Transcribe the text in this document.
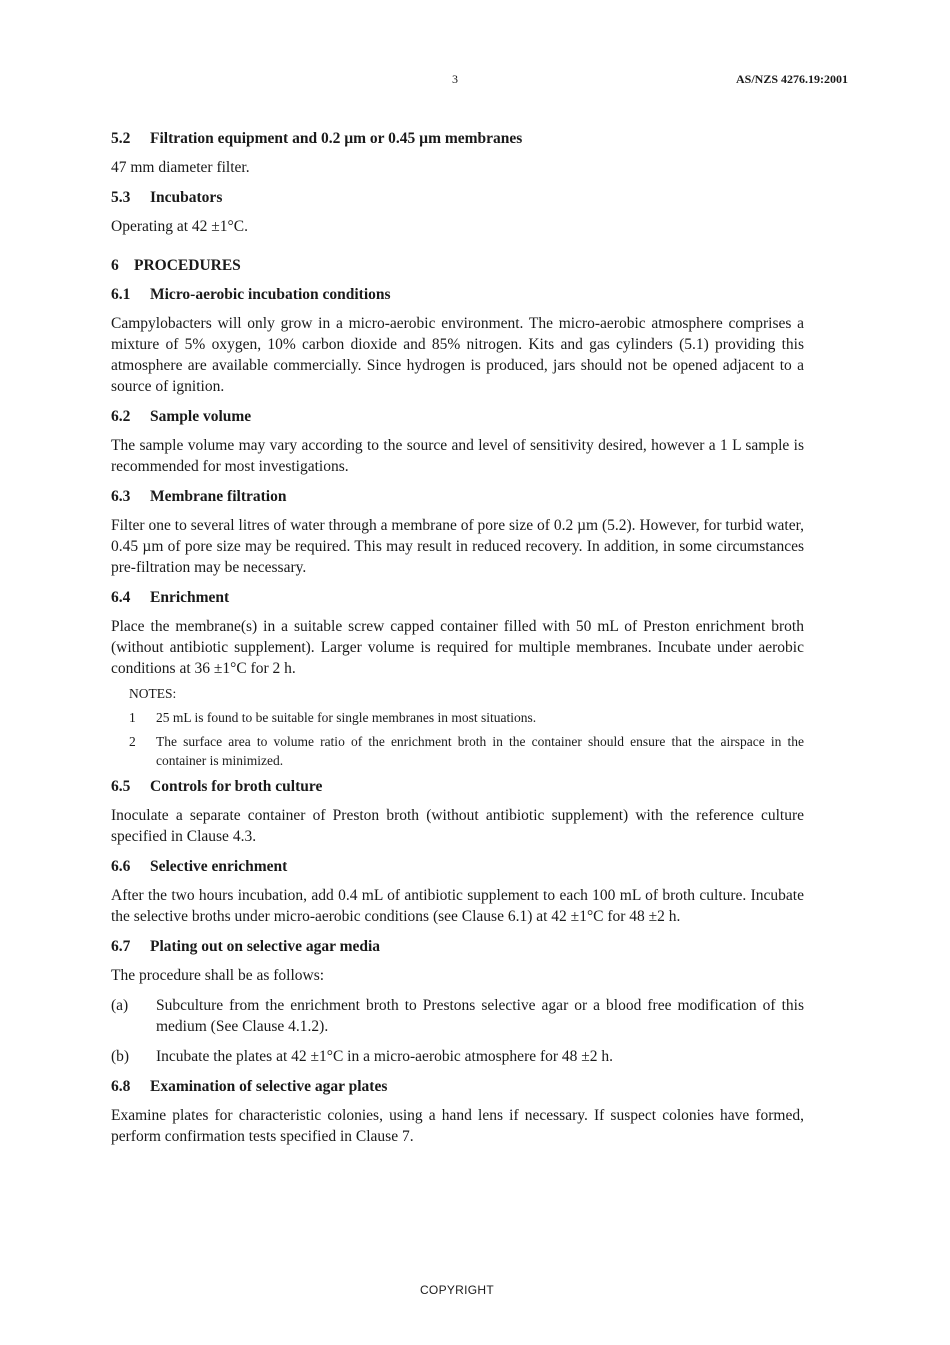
3	AS/NZS 4276.19:2001
5.2 Filtration equipment and 0.2 µm or 0.45 µm membranes
47 mm diameter filter.
5.3 Incubators
Operating at 42 ±1°C.
6 PROCEDURES
6.1 Micro-aerobic incubation conditions
Campylobacters will only grow in a micro-aerobic environment. The micro-aerobic atmosphere comprises a mixture of 5% oxygen, 10% carbon dioxide and 85% nitrogen. Kits and gas cylinders (5.1) providing this atmosphere are available commercially. Since hydrogen is produced, jars should not be opened adjacent to a source of ignition.
6.2 Sample volume
The sample volume may vary according to the source and level of sensitivity desired, however a 1 L sample is recommended for most investigations.
6.3 Membrane filtration
Filter one to several litres of water through a membrane of pore size of 0.2 µm (5.2). However, for turbid water, 0.45 µm of pore size may be required. This may result in reduced recovery. In addition, in some circumstances pre-filtration may be necessary.
6.4 Enrichment
Place the membrane(s) in a suitable screw capped container filled with 50 mL of Preston enrichment broth (without antibiotic supplement). Larger volume is required for multiple membranes. Incubate under aerobic conditions at 36 ±1°C for 2 h.
NOTES:
1	25 mL is found to be suitable for single membranes in most situations.
2	The surface area to volume ratio of the enrichment broth in the container should ensure that the airspace in the container is minimized.
6.5 Controls for broth culture
Inoculate a separate container of Preston broth (without antibiotic supplement) with the reference culture specified in Clause 4.3.
6.6 Selective enrichment
After the two hours incubation, add 0.4 mL of antibiotic supplement to each 100 mL of broth culture. Incubate the selective broths under micro-aerobic conditions (see Clause 6.1) at 42 ±1°C for 48 ±2 h.
6.7 Plating out on selective agar media
The procedure shall be as follows:
(a)	Subculture from the enrichment broth to Prestons selective agar or a blood free modification of this medium (See Clause 4.1.2).
(b)	Incubate the plates at 42 ±1°C in a micro-aerobic atmosphere for 48 ±2 h.
6.8 Examination of selective agar plates
Examine plates for characteristic colonies, using a hand lens if necessary. If suspect colonies have formed, perform confirmation tests specified in Clause 7.
COPYRIGHT
